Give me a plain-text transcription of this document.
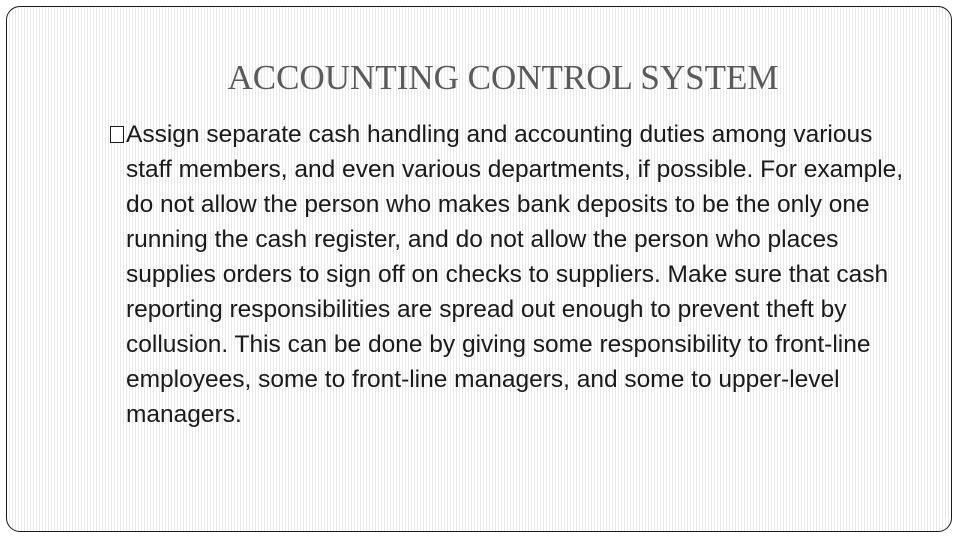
ACCOUNTING CONTROL SYSTEM

Assign separate cash handling and accounting duties among various staff members, and even various departments, if possible. For example, do not allow the person who makes bank deposits to be the only one running the cash register, and do not allow the person who places supplies orders to sign off on checks to suppliers. Make sure that cash reporting responsibilities are spread out enough to prevent theft by collusion. This can be done by giving some responsibility to front-line employees, some to front-line managers, and some to upper-level managers.
